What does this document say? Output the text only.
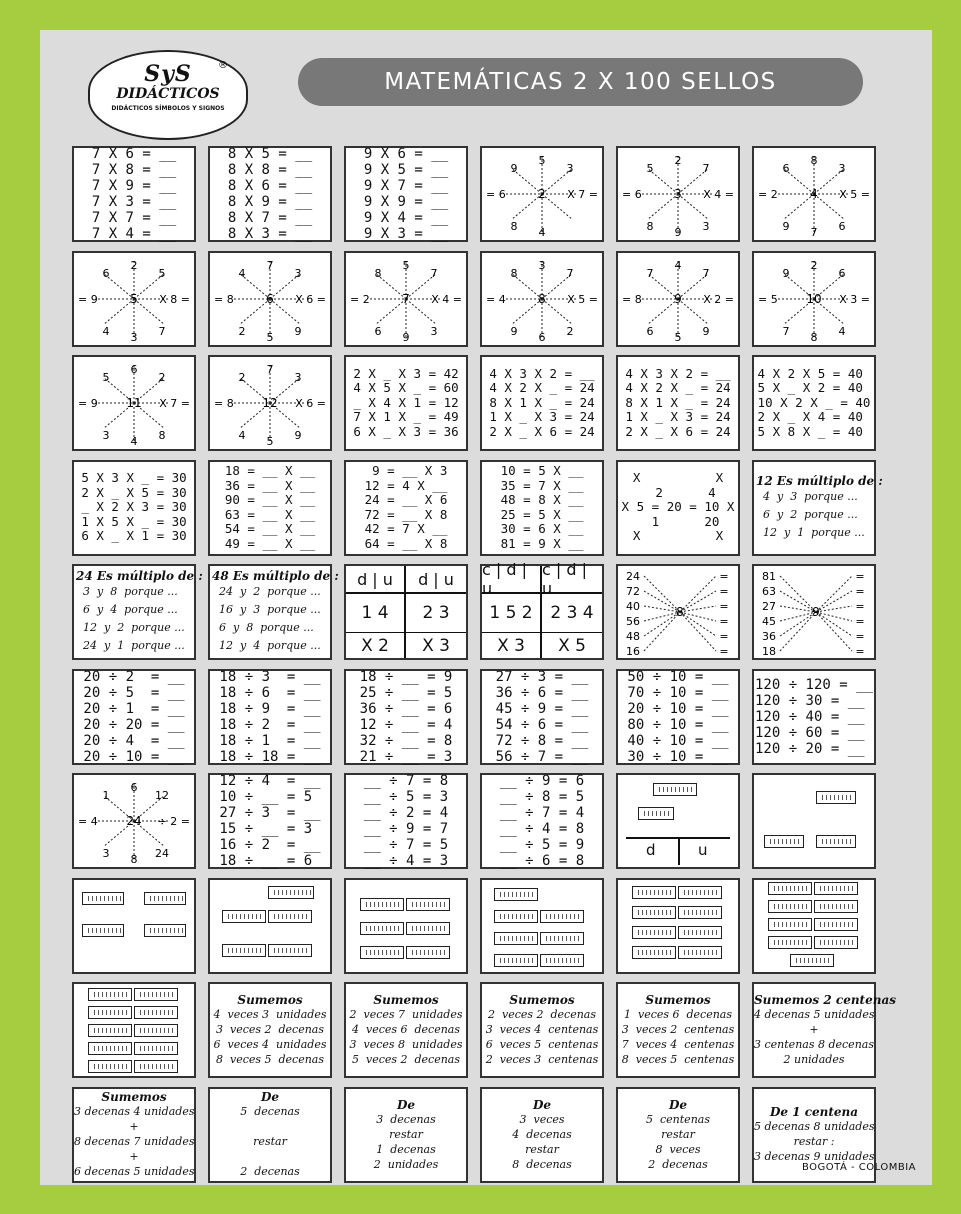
®
SyS
DIDÁCTICOS
DIDÁCTICOS SÍMBOLOS Y SIGNOS
MATEMÁTICAS 2 X 100 SELLOS
7 X 6 = __
7 X 8 = __
7 X 9 = __
7 X 3 = __
7 X 7 = __
7 X 4 = __
8 X 5 = __
8 X 8 = __
8 X 6 = __
8 X 9 = __
8 X 7 = __
8 X 3 = __
9 X 6 = __
9 X 5 = __
9 X 7 = __
9 X 9 = __
9 X 4 = __
9 X 3 = __
9
5
3
8 4
2
= 6	X 7 =
5
2
7
8 9 3
3
= 6	X 4 =
6
8
3
9 7 6
4
= 2	X 5 =
6
2
5
4 3 7
5
= 9	X 8 =
4
7
3
2 5 9
6
= 8	X 6 =
8
5
7
6 9 3
7
= 2	X 4 =
8
3
7
9 6 2
8
= 4	X 5 =
7
4
7
6 5 9
9
= 8	X 2 =
9
2
6
7 8 4
10
= 5	X 3 =
5
6
2
3 4 8
11
= 9	X 7 =
2
7
3
4 5 9
12
= 8	X 6 =
2 X _ X 3 = 42
4 X 5 X _ = 60
_ X 4 X 1 = 12
7 X 1 X _ = 49
6 X _ X 3 = 36
4 X 3 X 2 = __
4 X 2 X _ = 24
8 X 1 X _ = 24
1 X _ X 3 = 24
2 X _ X 6 = 24
4 X 3 X 2 = __
4 X 2 X _ = 24
8 X 1 X _ = 24
1 X _ X 3 = 24
2 X _ X 6 = 24
4 X 2 X 5 = 40
5 X _ X 2 = 40
10 X 2 X _ = 40
2 X _ X 4 = 40
5 X 8 X _ = 40
5 X 3 X _ = 30
2 X _ X 5 = 30
_ X 2 X 3 = 30
1 X 5 X _ = 30
6 X _ X 1 = 30
18 = __ X __
36 = __ X __
90 = __ X __
63 = __ X __
54 = __ X __
49 = __ X __
9 = __ X 3
12 = 4 X __
24 = __ X 6
72 = __ X 8
42 = 7 X __
64 = __ X 8
10 = 5 X __
35 = 7 X __
48 = 8 X __
25 = 5 X __
30 = 6 X __
81 = 9 X __
X          X
2      4
X 5 = 20 = 10 X
1      20
X          X
12 Es múltiplo de :
4  y  3  porque ...
6  y  2  porque ...
12  y  1  porque ...
24 Es múltiplo de :
3  y  8  porque ...
6  y  4  porque ...
12  y  2  porque ...
24  y  1  porque ...
48 Es múltiplo de :
24  y  2  porque ...
16  y  3  porque ...
6  y  8  porque ...
12  y  4  porque ...
d | u	d | u
1 4	2 3
X 2	X 3
c | d | u
c | d | u
1 5 2	2 3 4
X 3	X 5
24	=
72	=
40	=
56	=
48	=
16	=
8
81	=
63	=
27	=
45	=
36	=
18	=
9
20 ÷ 2  = __
20 ÷ 5  = __
20 ÷ 1  = __
20 ÷ 20 = __
20 ÷ 4  = __
20 ÷ 10 = __
18 ÷ 3  = __
18 ÷ 6  = __
18 ÷ 9  = __
18 ÷ 2  = __
18 ÷ 1  = __
18 ÷ 18 = __
18 ÷ __ = 9
25 ÷ __ = 5
36 ÷ __ = 6
12 ÷ __ = 4
32 ÷ __ = 8
21 ÷ __ = 3
27 ÷ 3 = __
36 ÷ 6 = __
45 ÷ 9 = __
54 ÷ 6 = __
72 ÷ 8 = __
56 ÷ 7 = __
50 ÷ 10 = __
70 ÷ 10 = __
20 ÷ 10 = __
80 ÷ 10 = __
40 ÷ 10 = __
30 ÷ 10 = __
120 ÷ 120 = __
120 ÷ 30 = __
120 ÷ 40 = __
120 ÷ 60 = __
120 ÷ 20 = __
1
6
12
3 8 24
24
= 4	÷ 2 =
12 ÷ 4  = __
10 ÷ __ = 5
27 ÷ 3  = __
15 ÷ __ = 3
16 ÷ 2  = __
18 ÷ __ = 6
__ ÷ 7 = 8
__ ÷ 5 = 3
__ ÷ 2 = 4
__ ÷ 9 = 7
__ ÷ 7 = 5
__ ÷ 4 = 3
__ ÷ 9 = 6
__ ÷ 8 = 5
__ ÷ 7 = 4
__ ÷ 4 = 8
__ ÷ 5 = 9
__ ÷ 6 = 8
d	u
Sumemos
4  veces 3  unidades
3  veces 2  decenas
6  veces 4  unidades
8  veces 5  decenas
Sumemos
2  veces 7  unidades
4  veces 6  decenas
3  veces 8  unidades
5  veces 2  decenas
Sumemos
2  veces 2  decenas
3  veces 4  centenas
6  veces 5  centenas
2  veces 3  centenas
Sumemos
1  veces 6  decenas
3  veces 2  centenas
7  veces 4  centenas
8  veces 5  centenas
Sumemos 2 centenas
4 decenas 5 unidades
+
3 centenas 8 decenas
2 unidades
Sumemos
3 decenas 4 unidades
+
8 decenas 7 unidades
+
6 decenas 5 unidades
De
5  decenas

restar

2  decenas
De
3  decenas
restar
1  decenas
2  unidades
De
3  veces
4  decenas
restar
8  decenas
De
5  centenas
restar
8  veces
2  decenas
De 1 centena
5 decenas 8 unidades
restar :
3 decenas 9 unidades
BOGOTÁ - COLOMBIA
